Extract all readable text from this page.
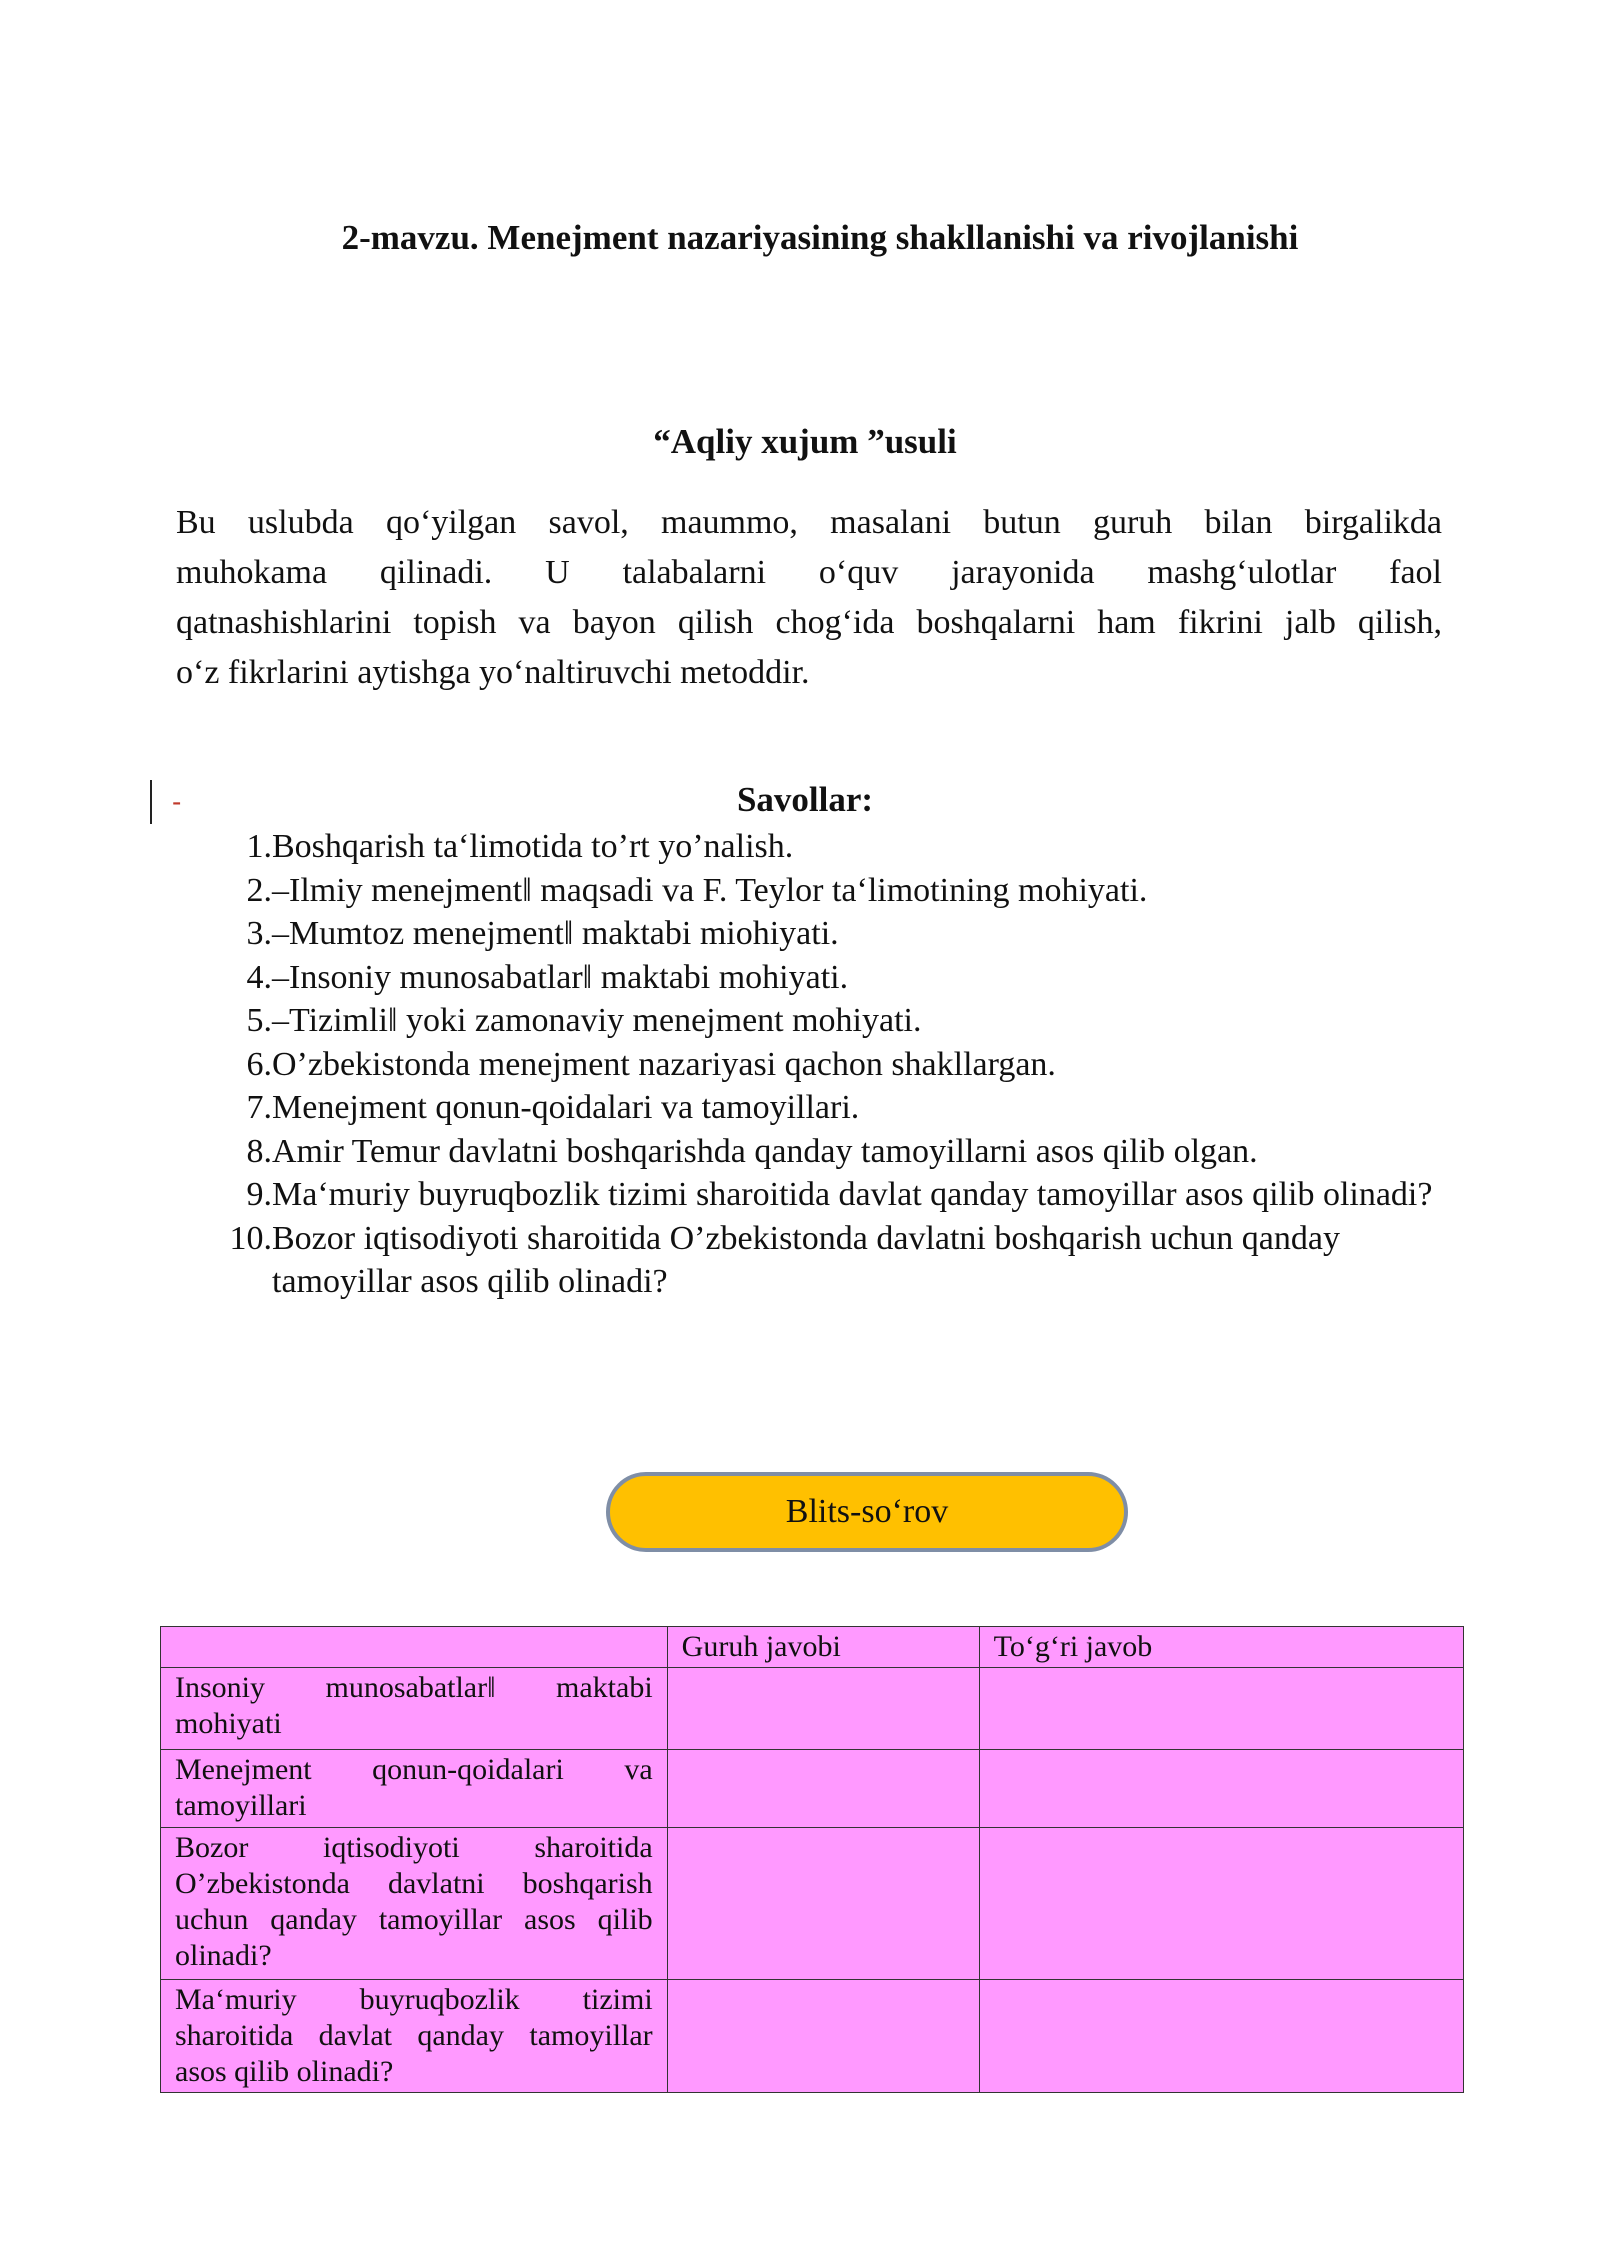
2-mavzu. Menejment nazariyasining shakllanishi va rivojlanishi
“Aqliy xujum ”usuli

Bu uslubda qo‘yilgan savol, maummo, masalani butun guruh bilan birgalikda
muhokama qilinadi. U talabalarni o‘quv jarayonida mashg‘ulotlar faol
qatnashishlarini topish va bayon qilish chog‘ida boshqalarni ham fikrini jalb qilish,
o‘z fikrlarini aytishga yo‘naltiruvchi metoddir.

-	Savollar:
1. Boshqarish ta‘limotida to’rt yo’nalish.
2. –Ilmiy menejment‖ maqsadi va F. Teylor ta‘limotining mohiyati.
3. –Mumtoz menejment‖ maktabi miohiyati.
4. –Insoniy munosabatlar‖ maktabi mohiyati.
5. –Tizimli‖ yoki zamonaviy menejment mohiyati.
6. O’zbekistonda menejment nazariyasi qachon shakllargan.
7. Menejment qonun-qoidalari va tamoyillari.
8. Amir Temur davlatni boshqarishda qanday tamoyillarni asos qilib olgan.
9. Ma‘muriy buyruqbozlik tizimi sharoitida davlat qanday tamoyillar asos qilib olinadi?
10. Bozor iqtisodiyoti sharoitida O’zbekistonda davlatni boshqarish uchun qanday tamoyillar asos qilib olinadi?
Blits-so‘rov
	Guruh javobi	To‘g‘ri javob
Insoniy munosabatlar‖ maktabi mohiyati		
Menejment qonun-qoidalari va tamoyillari		
Bozor iqtisodiyoti sharoitida O’zbekistonda davlatni boshqarish uchun qanday tamoyillar asos qilib olinadi?		
Ma‘muriy buyruqbozlik tizimi sharoitida davlat qanday tamoyillar asos qilib olinadi?		
